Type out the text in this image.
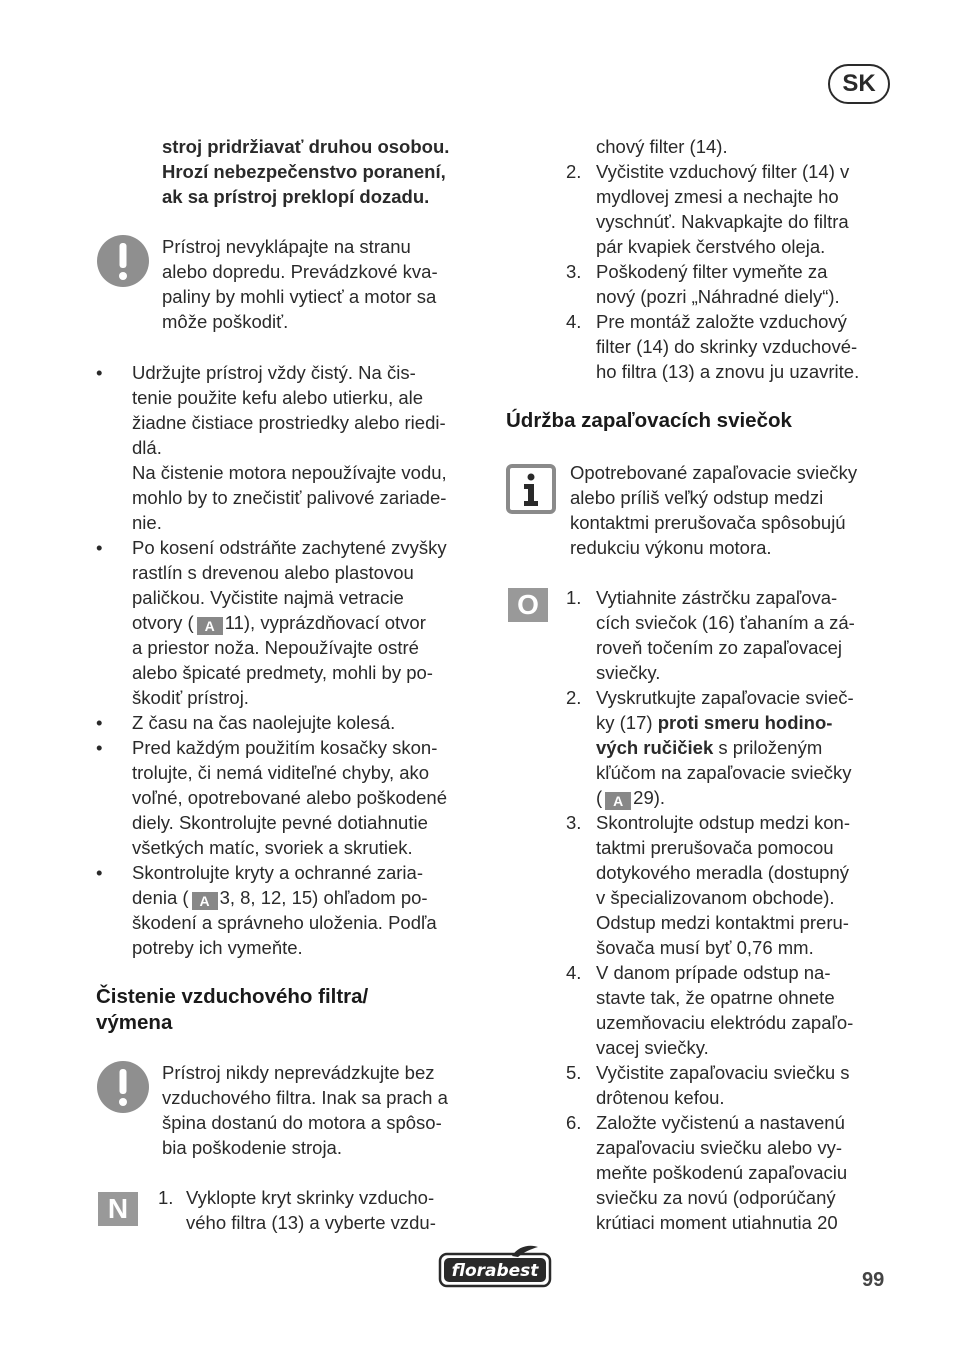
SK
stroj pridržiavať druhou osobou.
Hrozí nebezpečenstvo poranení,
ak sa prístroj preklopí dozadu.
Prístroj nevyklápajte na stranu
alebo dopredu. Prevádzkové kva-
paliny by mohli vytiecť a motor sa
môže poškodiť.
• Udržujte prístroj vždy čistý. Na čis-
tenie použite kefu alebo utierku, ale
žiadne čistiace prostriedky alebo riedi-
dlá.
Na čistenie motora nepoužívajte vodu,
mohlo by to znečistiť palivové zariade-
nie.
• Po kosení odstráňte zachytené zvyšky
rastlín s drevenou alebo plastovou
paličkou. Vyčistite najmä vetracie
otvory ( A 11), vyprázdňovací otvor
a priestor noža. Nepoužívajte ostré
alebo špicaté predmety, mohli by po-
škodiť prístroj.
• Z času na čas naolejujte kolesá.
• Pred každým použitím kosačky skon-
trolujte, či nemá viditeľné chyby, ako
voľné, opotrebované alebo poškodené
diely. Skontrolujte pevné dotiahnutie
všetkých matíc, svoriek a skrutiek.
• Skontrolujte kryty a ochranné zaria-
denia ( A 3, 8, 12, 15) ohľadom po-
škodení a správneho uloženia. Podľa
potreby ich vymeňte.
Čistenie vzduchového filtra/
výmena
Prístroj nikdy neprevádzkujte bez
vzduchového filtra. Inak sa prach a
špina dostanú do motora a spôso-
bia poškodenie stroja.
N	1. Vyklopte kryt skrinky vzducho-
vého filtra (13) a vyberte vzdu-
chový filter (14).
2. Vyčistite vzduchový filter (14) v
mydlovej zmesi a nechajte ho
vyschnúť. Nakvapkajte do filtra
pár kvapiek čerstvého oleja.
3. Poškodený filter vymeňte za
nový (pozri „Náhradné diely“).
4. Pre montáž založte vzduchový
filter (14) do skrinky vzduchové-
ho filtra (13) a znovu ju uzavrite.
Údržba zapaľovacích sviečok
Opotrebované zapaľovacie sviečky
alebo príliš veľký odstup medzi
kontaktmi prerušovača spôsobujú
redukciu výkonu motora.
O	1. Vytiahnite zástrčku zapaľova-
cích sviečok (16) ťahaním a zá-
roveň točením zo zapaľovacej
sviečky.
2. Vyskrutkujte zapaľovacie svieč-
ky (17) proti smeru hodino-
vých ručičiek s priloženým
kľúčom na zapaľovacie sviečky
( A 29).
3. Skontrolujte odstup medzi kon-
taktmi prerušovača pomocou
dotykového meradla (dostupný
v špecializovanom obchode).
Odstup medzi kontaktmi preru-
šovača musí byť 0,76 mm.
4. V danom prípade odstup na-
stavte tak, že opatrne ohnete
uzemňovaciu elektródu zapaľo-
vacej sviečky.
5. Vyčistite zapaľovaciu sviečku s
drôtenou kefou.
6. Založte vyčistenú a nastavenú
zapaľovaciu sviečku alebo vy-
meňte poškodenú zapaľovaciu
sviečku za novú (odporúčaný
krútiaci moment utiahnutia 20
florabest	99
